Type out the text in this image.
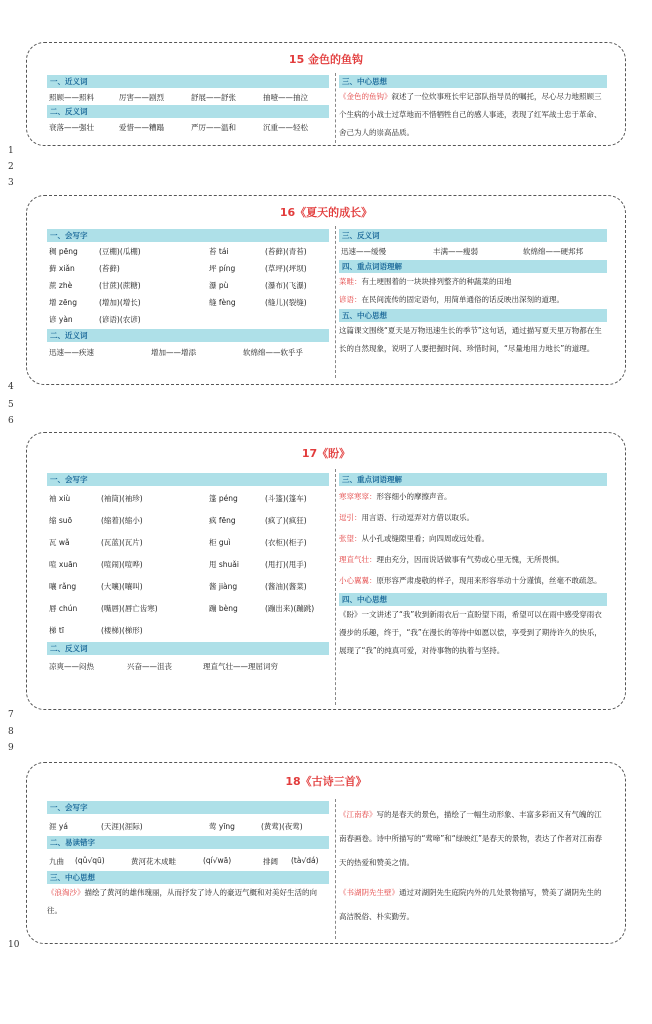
1
2
3
4
5
6
7
8
9
10
15 金色的鱼钩
一、近义词
照顾——照料	厉害——剧烈	舒展——舒张	抽噎——抽泣
二、反义词
衰落——强壮	爱惜——糟蹋	严厉——温和	沉重——轻松
三、中心思想
《金色的鱼钩》叙述了一位炊事班长牢记部队指导员的嘱托，尽心尽力地照顾三个生病的小战士过草地而不惜牺牲自己的感人事迹，表现了红军战士忠于革命、舍己为人的崇高品质。
16《夏天的成长》
一、会写字
稠 pēng	(豆棚)(瓜棚)	苔 tái	(苔藓)(青苔)
藓 xiǎn	(苔藓)	坪 píng	(草坪)(坪坝)
蔗 zhè	(甘蔗)(蔗糖)	瀑 pù	(瀑布)(飞瀑)
增 zēng	(增加)(增长)	缝 fèng	(缝儿)(裂缝)
谚 yàn	(谚语)(农谚)
二、近义词
迅速——疾速	增加——增添	软绵绵——软乎乎
三、反义词
迅速——缓慢	丰满——瘦弱	软绵绵——硬邦邦
四、重点词语理解
菜畦：有土埂围着的一块块排列整齐的种蔬菜的田地
谚语：在民间流传的固定语句，用简单通俗的话反映出深刻的道理。
五、中心思想
这篇课文围绕“夏天是万物迅速生长的季节”这句话，通过描写夏天里万物都在生长的自然现象，说明了人要把握时间、珍惜时间，“尽量地用力地长”的道理。
17《盼》
一、会写字
袖 xiù	(袖筒)(袖珍)	篷 péng	(斗篷)(篷车)
缩 suō	(缩着)(缩小)	疯 fēng	(疯了)(疯狂)
瓦 wǎ	(瓦蓝)(瓦片)	柜 guì	(衣柜)(柜子)
喧 xuān	(喧闹)(喧哗)	甩 shuǎi	(甩打)(甩手)
嚷 rǎng	(大嚷)(嚷叫)	酱 jiàng	(酱油)(酱菜)
唇 chún	(嘴唇)(唇亡齿寒)	蹦 bèng	(蹦出来)(蹦跳)
梯 tī	(楼梯)(梯形)
二、反义词
凉爽——闷热	兴奋——沮丧	理直气壮——理屈词穷
三、重点词语理解
寒窣寒窣：形容细小的摩擦声音。
逗引：用言语、行动逗弄对方借以取乐。
张望：从小孔或缝隙里看；向四周或远处看。
理直气壮：理由充分，因而说话做事有气势或心里无愧，无所畏惧。
小心翼翼：原形容严肃虔敬的样子，现用来形容举动十分谨慎，丝毫不敢疏忽。
四、中心思想
《盼》一文讲述了“我”收到新雨衣后一直盼望下雨，希望可以在雨中感受穿雨衣漫步的乐趣，终于，“我”在漫长的等待中如愿以偿，享受到了期待许久的快乐，展现了“我”的纯真可爱，对待事物的执着与坚持。
18《古诗三首》
一、会写字
涯 yá	(天涯)(涯际)	莺 yīng	(黄莺)(夜莺)
二、易读错字
九曲 (qǔ√qū)	黄河花木成畦	(qí√wā)	排阔 (tà√dá)
三、中心思想
《浪淘沙》描绘了黄河的雄伟瑰丽，从而抒发了诗人的豪迈气概和对美好生活的向往。
《江南春》写的是春天的景色，描绘了一幅生动形象、丰富多彩而又有气魄的江南春画卷。诗中所描写的“莺啼”和“绿映红”是春天的景物，表达了作者对江南春天的热爱和赞美之情。
《书湖阴先生壁》通过对湖阴先生庭院内外的几处景物描写，赞美了湖阴先生的高洁脱俗、朴实勤劳。
